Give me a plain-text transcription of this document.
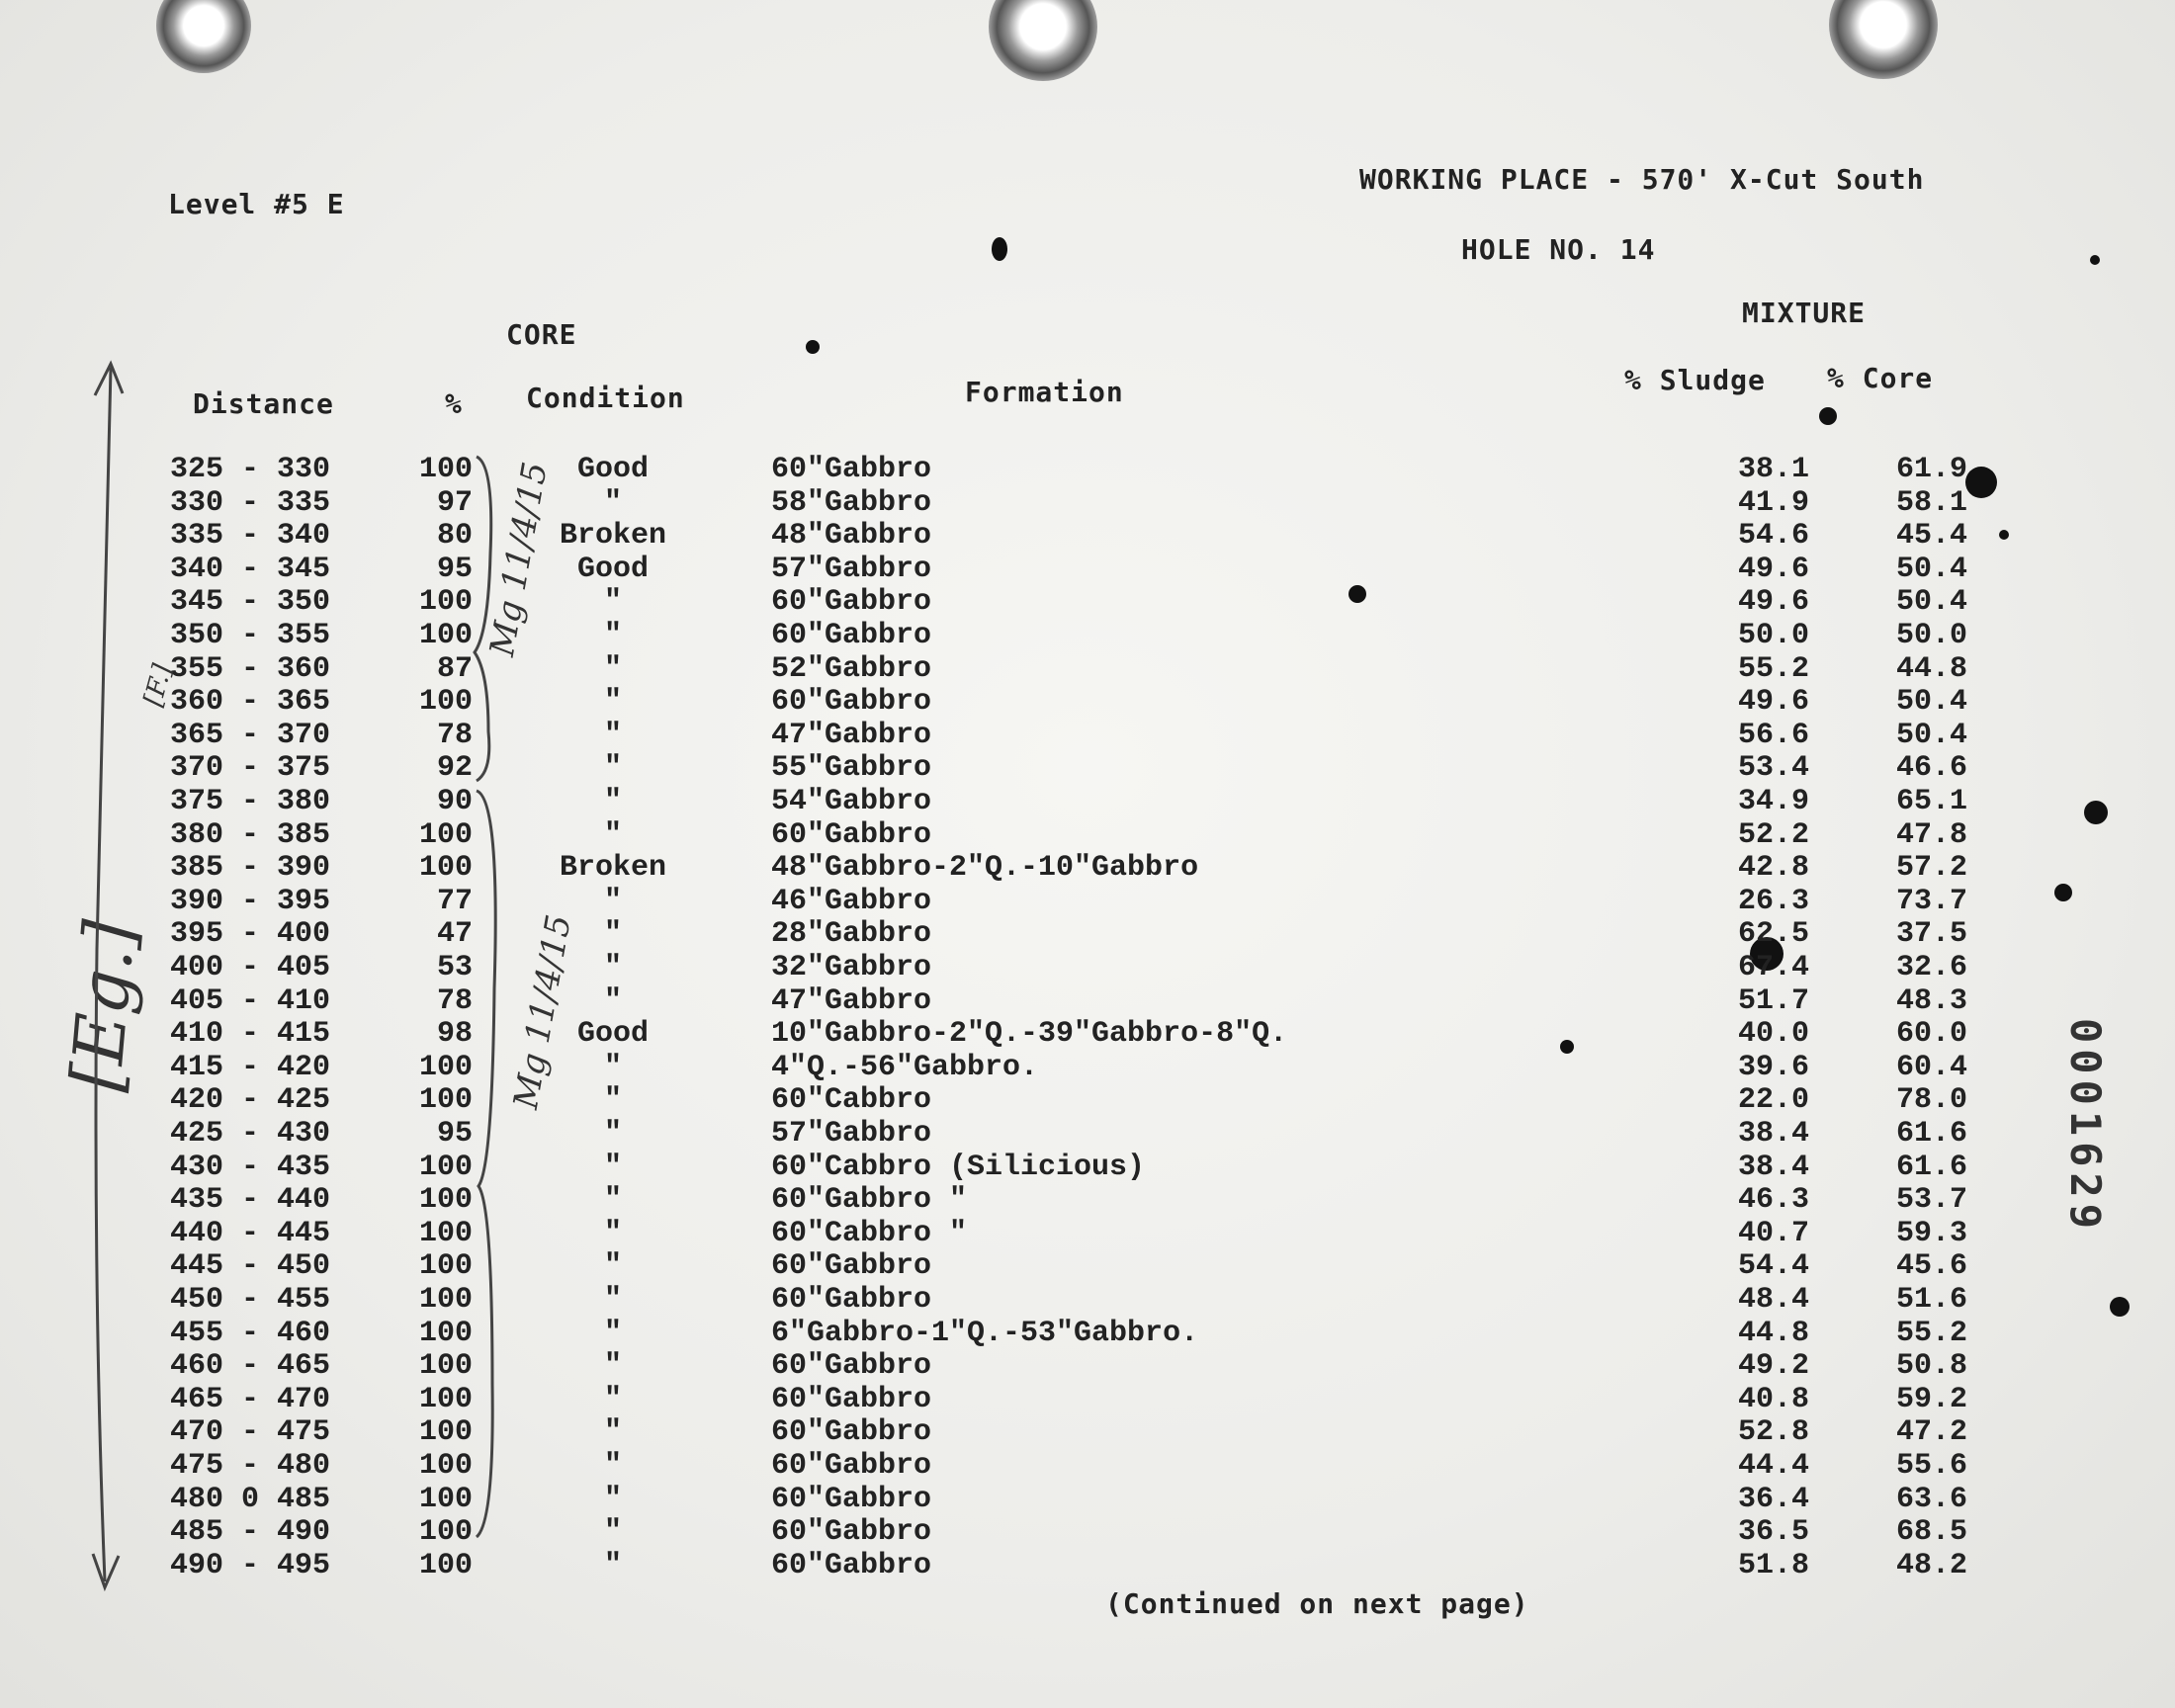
Level #5 E
WORKING PLACE - 570' X-Cut South
HOLE NO. 14
CORE
MIXTURE
Distance	% Condition	Formation	% Sludge % Core
325 - 330	100	Good	60"Gabbro	38.1	61.9
330 - 335	97	"	58"Gabbro	41.9	58.1
335 - 340	80	Broken	48"Gabbro	54.6	45.4
340 - 345	95	Good	57"Gabbro	49.6	50.4
345 - 350	100	"	60"Gabbro	49.6	50.4
350 - 355	100	"	60"Gabbro	50.0	50.0
355 - 360	87	"	52"Gabbro	55.2	44.8
360 - 365	100	"	60"Gabbro	49.6	50.4
365 - 370	78	"	47"Gabbro	56.6	50.4
370 - 375	92	"	55"Gabbro	53.4	46.6
375 - 380	90	"	54"Gabbro	34.9	65.1
380 - 385	100	"	60"Gabbro	52.2	47.8
385 - 390	100	Broken	48"Gabbro-2"Q.-10"Gabbro	42.8	57.2
390 - 395	77	"	46"Gabbro	26.3	73.7
395 - 400	47	"	28"Gabbro	62.5	37.5
400 - 405	53	"	32"Gabbro	67.4	32.6
405 - 410	78	"	47"Gabbro	51.7	48.3
410 - 415	98	Good	10"Gabbro-2"Q.-39"Gabbro-8"Q.	40.0	60.0
415 - 420	100	"	4"Q.-56"Gabbro.	39.6	60.4
420 - 425	100	"	60"Cabbro	22.0	78.0
425 - 430	95	"	57"Gabbro	38.4	61.6
430 - 435	100	"	60"Cabbro (Silicious)	38.4	61.6
435 - 440	100	"	60"Gabbro "	46.3	53.7
440 - 445	100	"	60"Cabbro "	40.7	59.3
445 - 450	100	"	60"Gabbro	54.4	45.6
450 - 455	100	"	60"Gabbro	48.4	51.6
455 - 460	100	"	6"Gabbro-1"Q.-53"Gabbro.	44.8	55.2
460 - 465	100	"	60"Gabbro	49.2	50.8
465 - 470	100	"	60"Gabbro	40.8	59.2
470 - 475	100	"	60"Gabbro	52.8	47.2
475 - 480	100	"	60"Gabbro	44.4	55.6
480 0 485	100	"	60"Gabbro	36.4	63.6
485 - 490	100	"	60"Gabbro	36.5	68.5
490 - 495	100	"	60"Gabbro	51.8	48.2
(Continued on next page)
Mg 11/4/15
Mg 11/4/15
[F.]
[Eg.]
0001629
